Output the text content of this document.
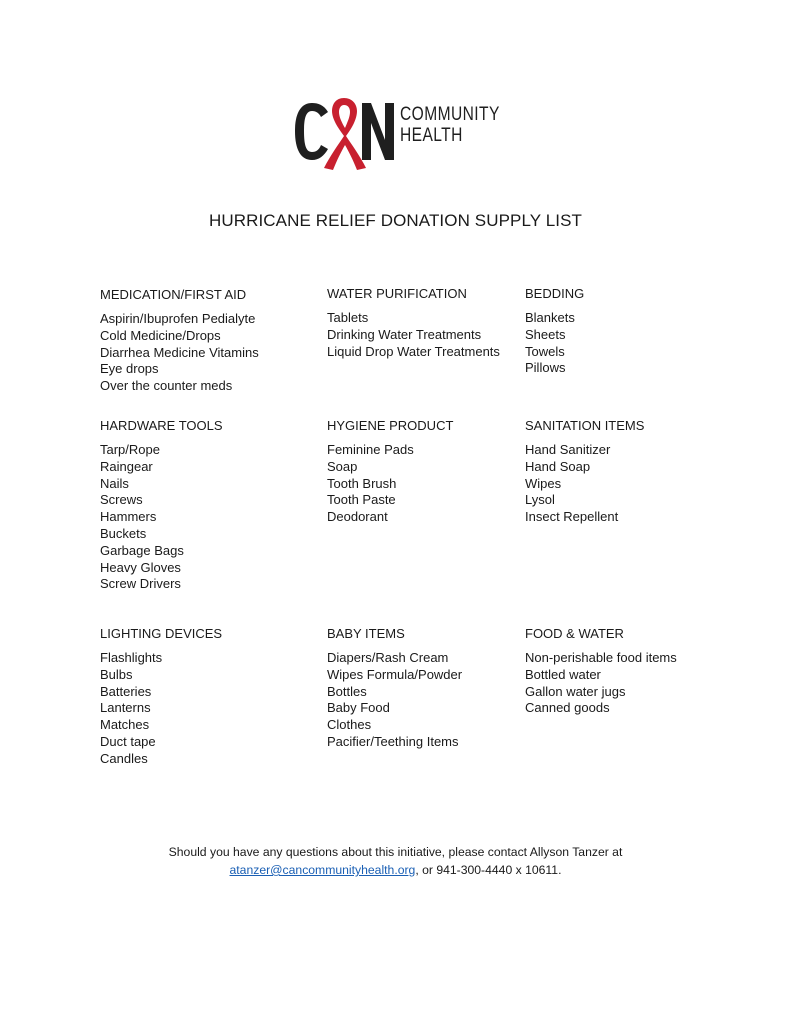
COMMUNITY
HEALTH
HURRICANE RELIEF DONATION SUPPLY LIST
MEDICATION/FIRST AID
Aspirin/Ibuprofen Pedialyte
Cold Medicine/Drops
Diarrhea Medicine Vitamins
Eye drops
Over the counter meds
WATER PURIFICATION
Tablets
Drinking Water Treatments
Liquid Drop Water Treatments
BEDDING
Blankets
Sheets
Towels
Pillows
HARDWARE TOOLS
Tarp/Rope
Raingear
Nails
Screws
Hammers
Buckets
Garbage Bags
Heavy Gloves
Screw Drivers
HYGIENE PRODUCT
Feminine Pads
Soap
Tooth Brush
Tooth Paste
Deodorant
SANITATION ITEMS
Hand Sanitizer
Hand Soap
Wipes
Lysol
Insect Repellent
LIGHTING DEVICES
Flashlights
Bulbs
Batteries
Lanterns
Matches
Duct tape
Candles
BABY ITEMS
Diapers/Rash Cream
Wipes Formula/Powder
Bottles
Baby Food
Clothes
Pacifier/Teething Items
FOOD & WATER
Non-perishable food items
Bottled water
Gallon water jugs
Canned goods
Should you have any questions about this initiative, please contact Allyson Tanzer at
atanzer@cancommunityhealth.org, or 941-300-4440 x 10611.
